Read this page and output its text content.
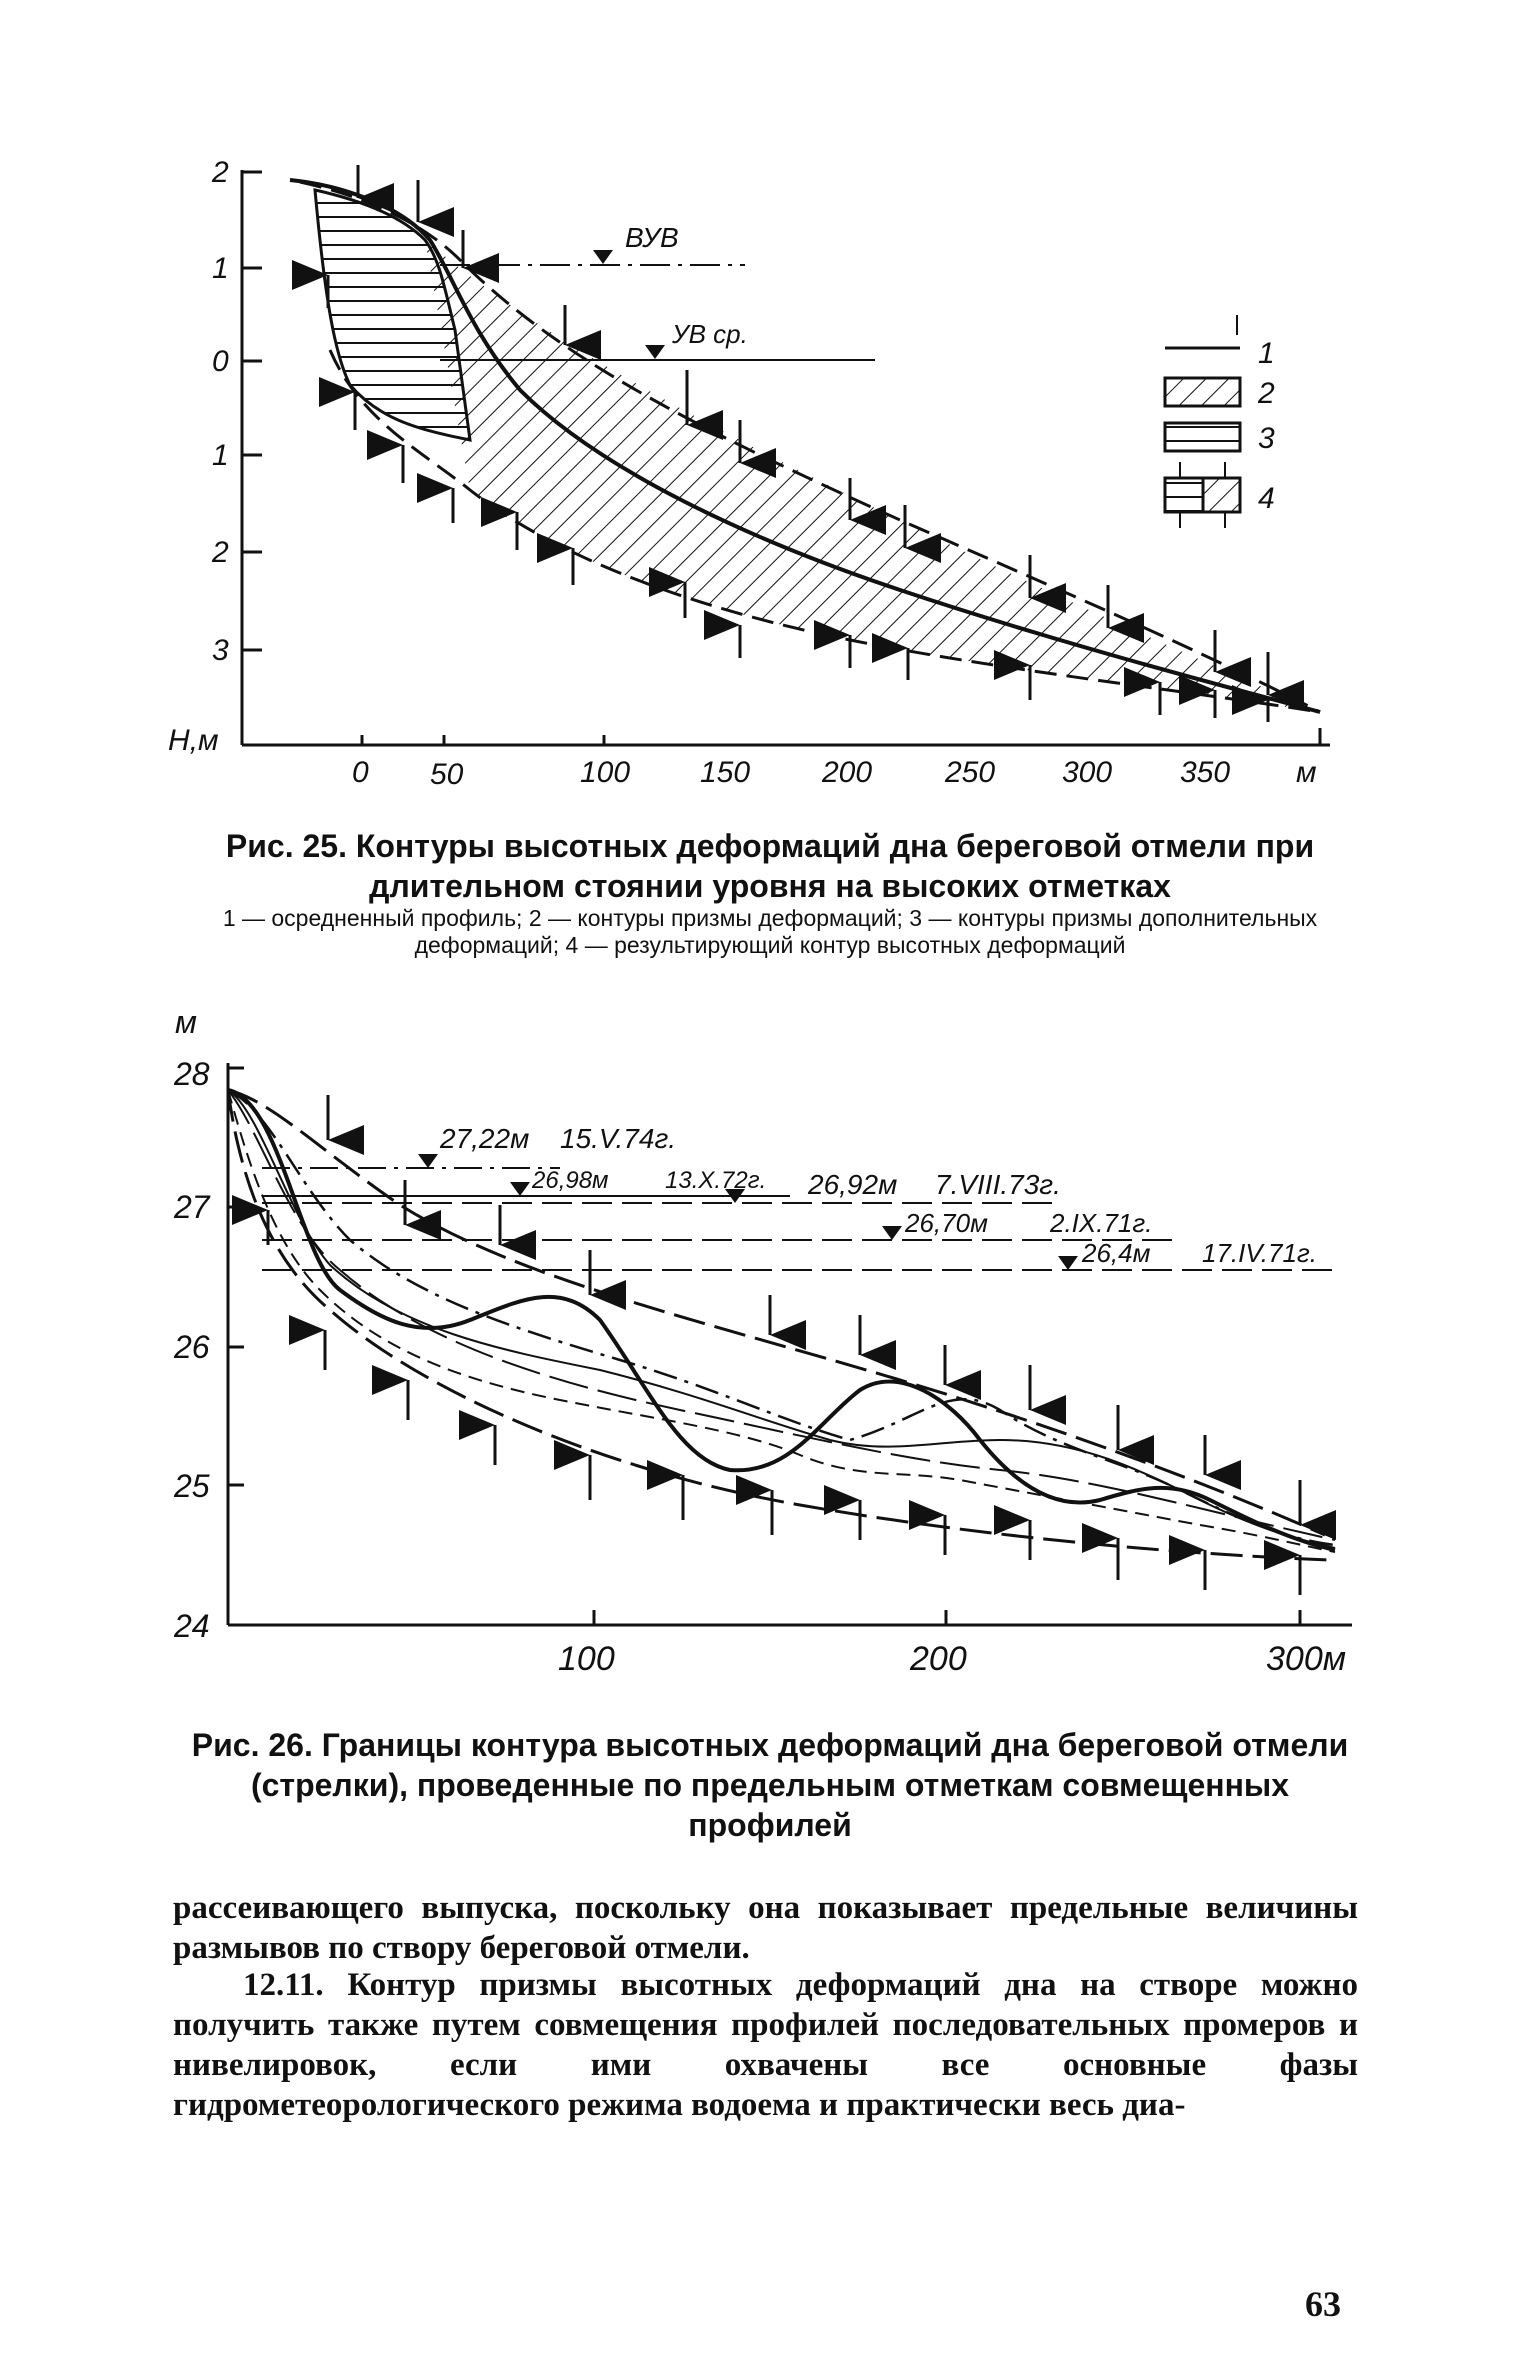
2
1
0
1
2
3
Н,м
0 50	100 150 200 250 300 350 м
ВУВ
УВ ср.
1
2
3
4
Рис. 25. Контуры высотных деформаций дна береговой отмели при длительном стоянии уровня на высоких отметках
1 — осредненный профиль; 2 — контуры призмы деформаций; 3 — контуры призмы дополнительных деформаций; 4 — результирующий контур высотных деформаций
м
28
27
26
25
24
100	200	300м
27,22м 15.V.74г.
26,98м 13.X.72г. 26,92м 7.VIII.73г.
26,70м 2.IX.71г.
26,4м 17.IV.71г.
Рис. 26. Границы контура высотных деформаций дна береговой отмели (стрелки), проведенные по предельным отметкам совмещенных профилей
рассеивающего выпуска, поскольку она показывает предельные величины размывов по створу береговой отмели.
12.11. Контур призмы высотных деформаций дна на створе можно получить также путем совмещения профилей последовательных промеров и нивелировок, если ими охвачены все основные фазы гидрометеорологического режима водоема и практически весь диа-
63
